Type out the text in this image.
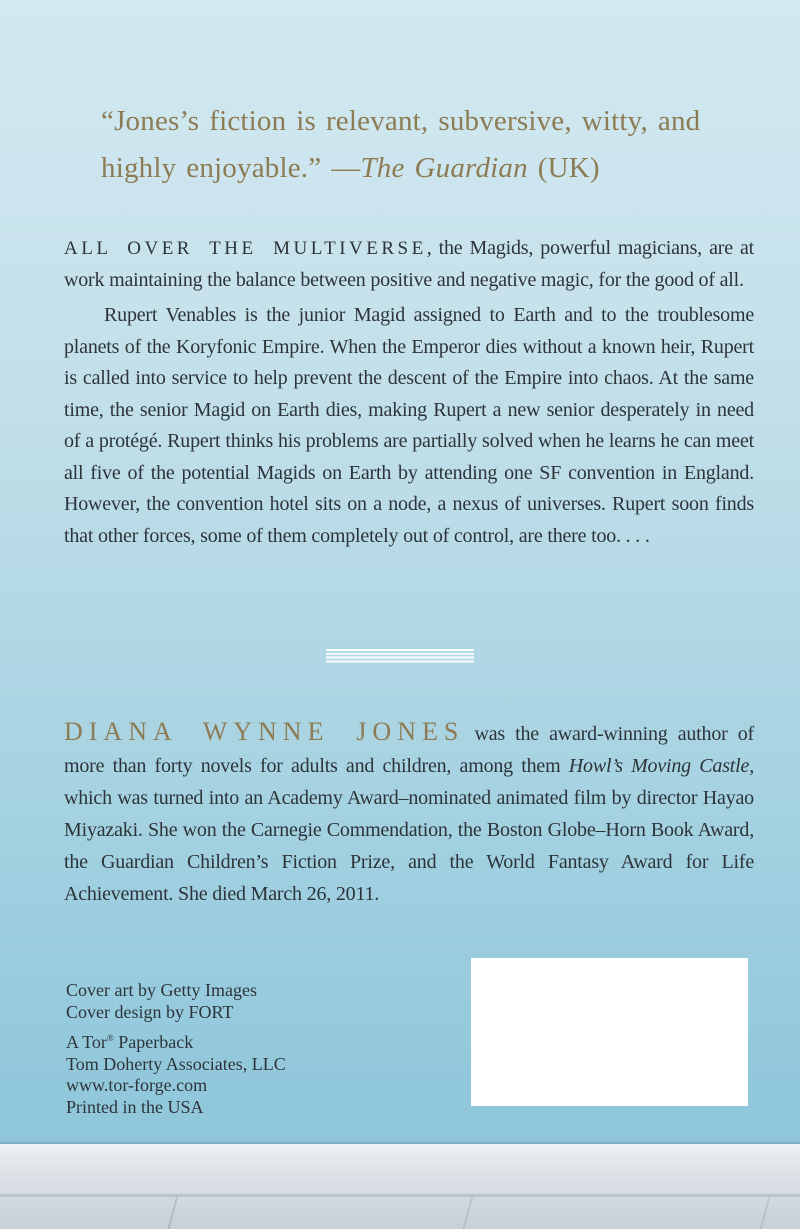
“Jones’s fiction is relevant, subversive, witty, and highly enjoyable.” —The Guardian (UK)

ALL OVER THE MULTIVERSE, the Magids, powerful magicians, are at work maintaining the balance between positive and negative magic, for the good of all.

Rupert Venables is the junior Magid assigned to Earth and to the troublesome planets of the Koryfonic Empire. When the Emperor dies without a known heir, Rupert is called into service to help prevent the descent of the Empire into chaos. At the same time, the senior Magid on Earth dies, making Rupert a new senior desperately in need of a protégé. Rupert thinks his problems are partially solved when he learns he can meet all five of the potential Magids on Earth by attending one SF convention in England. However, the convention hotel sits on a node, a nexus of universes. Rupert soon finds that other forces, some of them completely out of control, are there too. . . .

DIANA WYNNE JONES was the award-winning author of more than forty novels for adults and children, among them Howl’s Moving Castle, which was turned into an Academy Award–nominated animated film by director Hayao Miyazaki. She won the Carnegie Commendation, the Boston Globe–Horn Book Award, the Guardian Children’s Fiction Prize, and the World Fantasy Award for Life Achievement. She died March 26, 2011.
Cover art by Getty Images
Cover design by FORT
A Tor® Paperback
Tom Doherty Associates, LLC
www.tor-forge.com
Printed in the USA
